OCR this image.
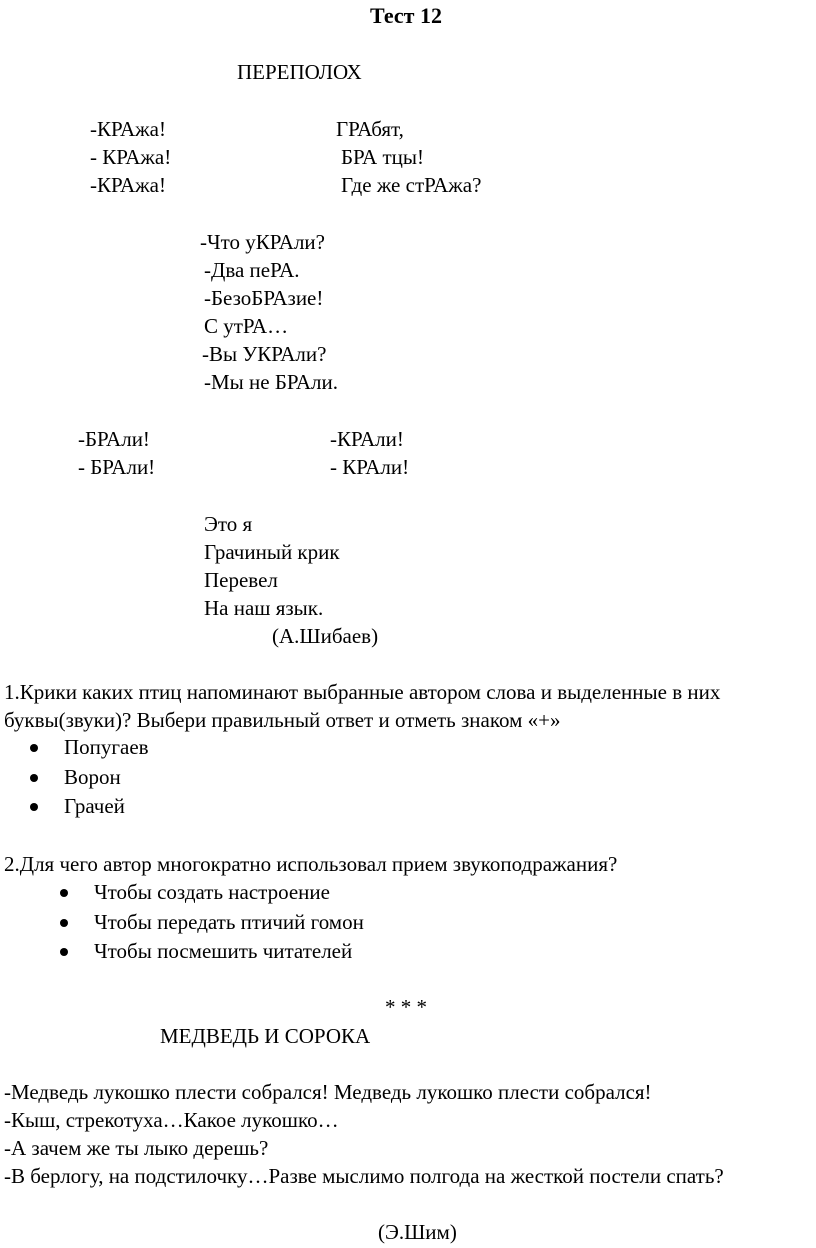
Тест 12
ПЕРЕПОЛОХ
-КРАжа!
- КРАжа!
-КРАжа!
ГРАбят,
БРА тцы!
Где же стРАжа?
-Что уКРАли?
-Два пеРА.
-БезоБРАзие!
С утРА…
-Вы УКРАли?
-Мы не БРАли.
-БРАли!
- БРАли!
-КРАли!
- КРАли!
Это я
Грачиный крик
Перевел
На наш язык.
(А.Шибаев)
1.Крики каких птиц напоминают выбранные автором слова и выделенные в них буквы(звуки)? Выбери правильный ответ и отметь знаком «+»
Попугаев
Ворон
Грачей
2.Для чего автор многократно использовал прием звукоподражания?
Чтобы создать настроение
Чтобы передать птичий гомон
Чтобы посмешить читателей
* * *
МЕДВЕДЬ И СОРОКА
-Медведь лукошко плести собрался! Медведь лукошко плести собрался!
-Кыш, стрекотуха…Какое лукошко…
-А зачем же ты лыко дерешь?
-В берлогу, на подстилочку…Разве мыслимо полгода на жесткой постели спать?
(Э.Шим)
